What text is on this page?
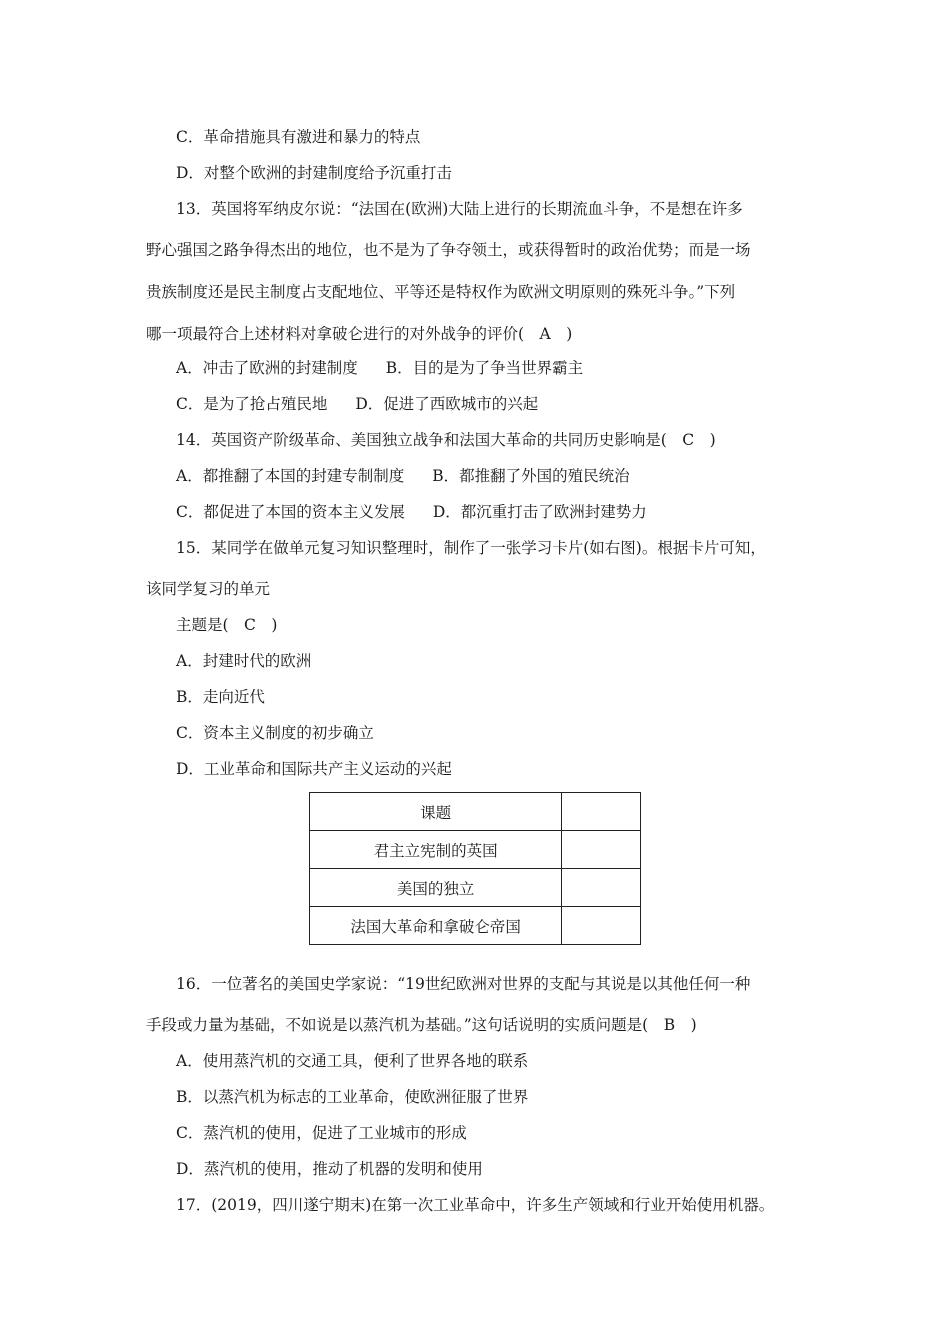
C．革命措施具有激进和暴力的特点
D．对整个欧洲的封建制度给予沉重打击
13．英国将军纳皮尔说：“法国在(欧洲)大陆上进行的长期流血斗争，不是想在许多
野心强国之路争得杰出的地位，也不是为了争夺领土，或获得暂时的政治优势；而是一场
贵族制度还是民主制度占支配地位、平等还是特权作为欧洲文明原则的殊死斗争。”下列
哪一项最符合上述材料对拿破仑进行的对外战争的评价(　A　)
A．冲击了欧洲的封建制度 B．目的是为了争当世界霸主
C．是为了抢占殖民地 D．促进了西欧城市的兴起
14．英国资产阶级革命、美国独立战争和法国大革命的共同历史影响是(　C　)
A．都推翻了本国的封建专制制度 B．都推翻了外国的殖民统治
C．都促进了本国的资本主义发展 D．都沉重打击了欧洲封建势力
15．某同学在做单元复习知识整理时，制作了一张学习卡片(如右图)。根据卡片可知，
该同学复习的单元
主题是(　C　)
A．封建时代的欧洲
B．走向近代
C．资本主义制度的初步确立
D．工业革命和国际共产主义运动的兴起
课题	
君主立宪制的英国	
美国的独立	
法国大革命和拿破仑帝国	
16．一位著名的美国史学家说：“19世纪欧洲对世界的支配与其说是以其他任何一种
手段或力量为基础，不如说是以蒸汽机为基础。”这句话说明的实质问题是(　B　)
A．使用蒸汽机的交通工具，便利了世界各地的联系
B．以蒸汽机为标志的工业革命，使欧洲征服了世界
C．蒸汽机的使用，促进了工业城市的形成
D．蒸汽机的使用，推动了机器的发明和使用
17．(2019，四川遂宁期末)在第一次工业革命中，许多生产领域和行业开始使用机器。
